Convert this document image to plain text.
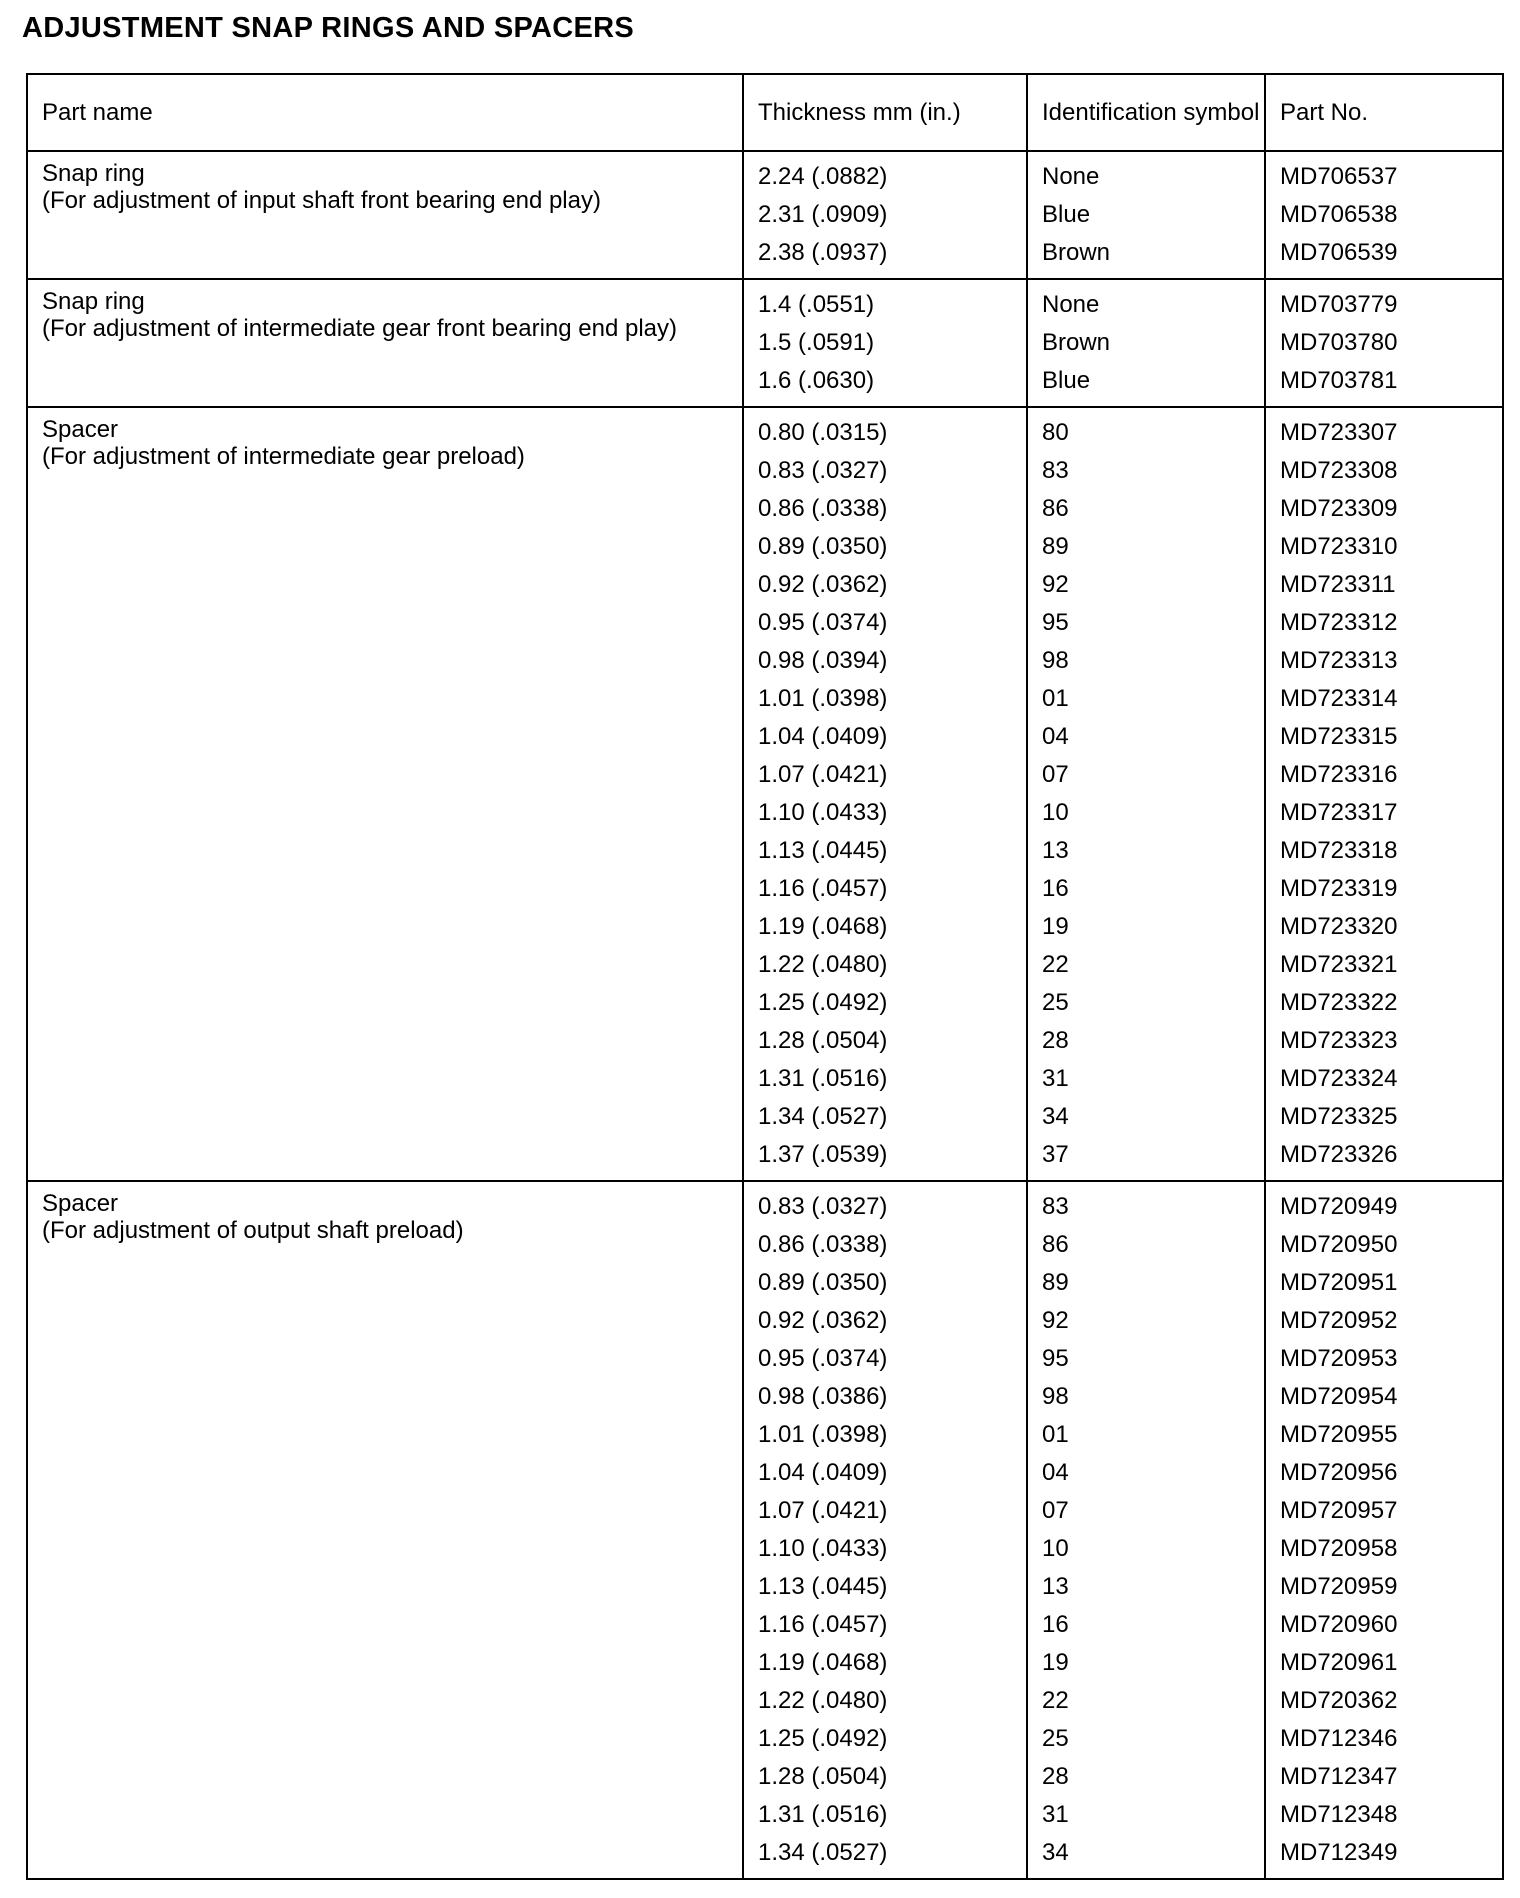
ADJUSTMENT SNAP RINGS AND SPACERS
Part name	Thickness mm (in.)	Identification symbol	Part No.

Snap ring
(For adjustment of input shaft front bearing end play)	2.24 (.0882)	None	MD706537
	2.31 (.0909)	Blue	MD706538
	2.38 (.0937)	Brown	MD706539

Snap ring
(For adjustment of intermediate gear front bearing end play)	1.4 (.0551)	None	MD703779
	1.5 (.0591)	Brown	MD703780
	1.6 (.0630)	Blue	MD703781

Spacer
(For adjustment of intermediate gear preload)	0.80 (.0315)	80	MD723307
	0.83 (.0327)	83	MD723308
	0.86 (.0338)	86	MD723309
	0.89 (.0350)	89	MD723310
	0.92 (.0362)	92	MD723311
	0.95 (.0374)	95	MD723312
	0.98 (.0394)	98	MD723313
	1.01 (.0398)	01	MD723314
	1.04 (.0409)	04	MD723315
	1.07 (.0421)	07	MD723316
	1.10 (.0433)	10	MD723317
	1.13 (.0445)	13	MD723318
	1.16 (.0457)	16	MD723319
	1.19 (.0468)	19	MD723320
	1.22 (.0480)	22	MD723321
	1.25 (.0492)	25	MD723322
	1.28 (.0504)	28	MD723323
	1.31 (.0516)	31	MD723324
	1.34 (.0527)	34	MD723325
	1.37 (.0539)	37	MD723326

Spacer
(For adjustment of output shaft preload)	0.83 (.0327)	83	MD720949
	0.86 (.0338)	86	MD720950
	0.89 (.0350)	89	MD720951
	0.92 (.0362)	92	MD720952
	0.95 (.0374)	95	MD720953
	0.98 (.0386)	98	MD720954
	1.01 (.0398)	01	MD720955
	1.04 (.0409)	04	MD720956
	1.07 (.0421)	07	MD720957
	1.10 (.0433)	10	MD720958
	1.13 (.0445)	13	MD720959
	1.16 (.0457)	16	MD720960
	1.19 (.0468)	19	MD720961
	1.22 (.0480)	22	MD720362
	1.25 (.0492)	25	MD712346
	1.28 (.0504)	28	MD712347
	1.31 (.0516)	31	MD712348
	1.34 (.0527)	34	MD712349
